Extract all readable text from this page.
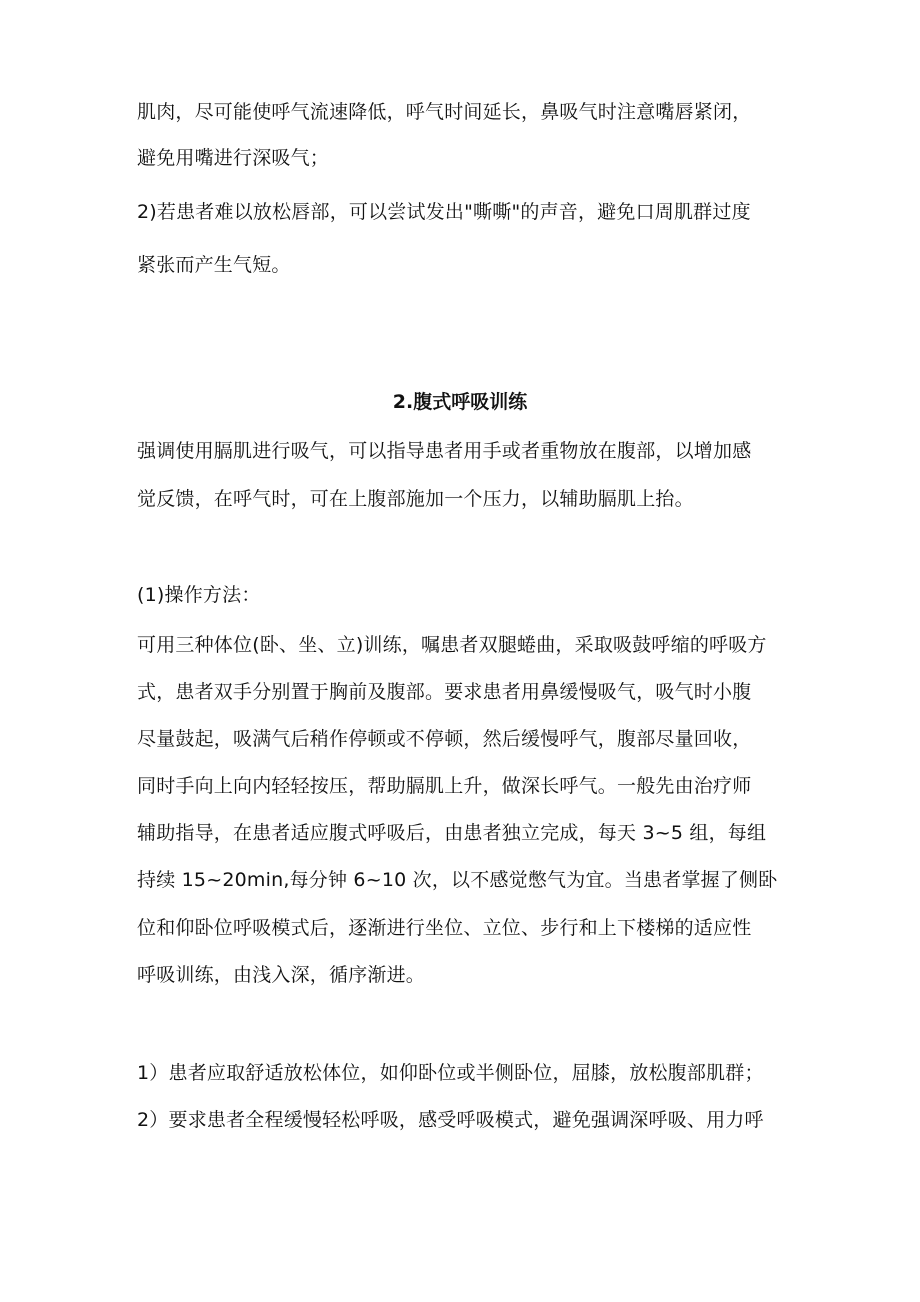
肌肉，尽可能使呼气流速降低，呼气时间延长，鼻吸气时注意嘴唇紧闭，
避免用嘴进行深吸气；
2)若患者难以放松唇部，可以尝试发出"嘶嘶"的声音，避免口周肌群过度
紧张而产生气短。
2.腹式呼吸训练
强调使用膈肌进行吸气，可以指导患者用手或者重物放在腹部，以增加感
觉反馈，在呼气时，可在上腹部施加一个压力，以辅助膈肌上抬。
(1)操作方法：
可用三种体位(卧、坐、立)训练，嘱患者双腿蜷曲，采取吸鼓呼缩的呼吸方
式，患者双手分别置于胸前及腹部。要求患者用鼻缓慢吸气，吸气时小腹
尽量鼓起，吸满气后稍作停顿或不停顿，然后缓慢呼气，腹部尽量回收，
同时手向上向内轻轻按压，帮助膈肌上升，做深长呼气。一般先由治疗师
辅助指导，在患者适应腹式呼吸后，由患者独立完成，每天 3~5 组，每组
持续 15~20min,每分钟 6~10 次，以不感觉憋气为宜。当患者掌握了侧卧
位和仰卧位呼吸模式后，逐渐进行坐位、立位、步行和上下楼梯的适应性
呼吸训练，由浅入深，循序渐进。
1）患者应取舒适放松体位，如仰卧位或半侧卧位，屈膝，放松腹部肌群；
2）要求患者全程缓慢轻松呼吸，感受呼吸模式，避免强调深呼吸、用力呼
